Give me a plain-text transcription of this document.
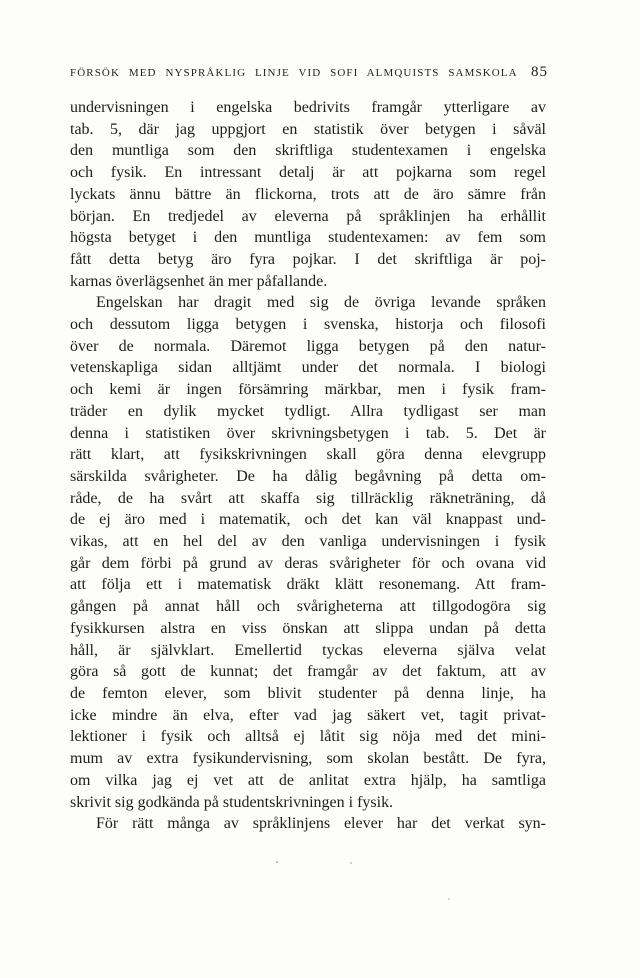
FÖRSÖK MED NYSPRÅKLIG LINJE VID SOFI ALMQUISTS SAMSKOLA 85
undervisningen i engelska bedrivits framgår ytterligare av
tab. 5, där jag uppgjort en statistik över betygen i såväl
den muntliga som den skriftliga studentexamen i engelska
och fysik. En intressant detalj är att pojkarna som regel
lyckats ännu bättre än flickorna, trots att de äro sämre från
början. En tredjedel av eleverna på språklinjen ha erhållit
högsta betyget i den muntliga studentexamen: av fem som
fått detta betyg äro fyra pojkar. I det skriftliga är poj-
karnas överlägsenhet än mer påfallande.
Engelskan har dragit med sig de övriga levande språken
och dessutom ligga betygen i svenska, historja och filosofi
över de normala. Däremot ligga betygen på den natur-
vetenskapliga sidan alltjämt under det normala. I biologi
och kemi är ingen försämring märkbar, men i fysik fram-
träder en dylik mycket tydligt. Allra tydligast ser man
denna i statistiken över skrivningsbetygen i tab. 5. Det är
rätt klart, att fysikskrivningen skall göra denna elevgrupp
särskilda svårigheter. De ha dålig begåvning på detta om-
råde, de ha svårt att skaffa sig tillräcklig räkneträning, då
de ej äro med i matematik, och det kan väl knappast und-
vikas, att en hel del av den vanliga undervisningen i fysik
går dem förbi på grund av deras svårigheter för och ovana vid
att följa ett i matematisk dräkt klätt resonemang. Att fram-
gången på annat håll och svårigheterna att tillgodogöra sig
fysikkursen alstra en viss önskan att slippa undan på detta
håll, är självklart. Emellertid tyckas eleverna själva velat
göra så gott de kunnat; det framgår av det faktum, att av
de femton elever, som blivit studenter på denna linje, ha
icke mindre än elva, efter vad jag säkert vet, tagit privat-
lektioner i fysik och alltså ej låtit sig nöja med det mini-
mum av extra fysikundervisning, som skolan bestått. De fyra,
om vilka jag ej vet att de anlitat extra hjälp, ha samtliga
skrivit sig godkända på studentskrivningen i fysik.
För rätt många av språklinjens elever har det verkat syn-
